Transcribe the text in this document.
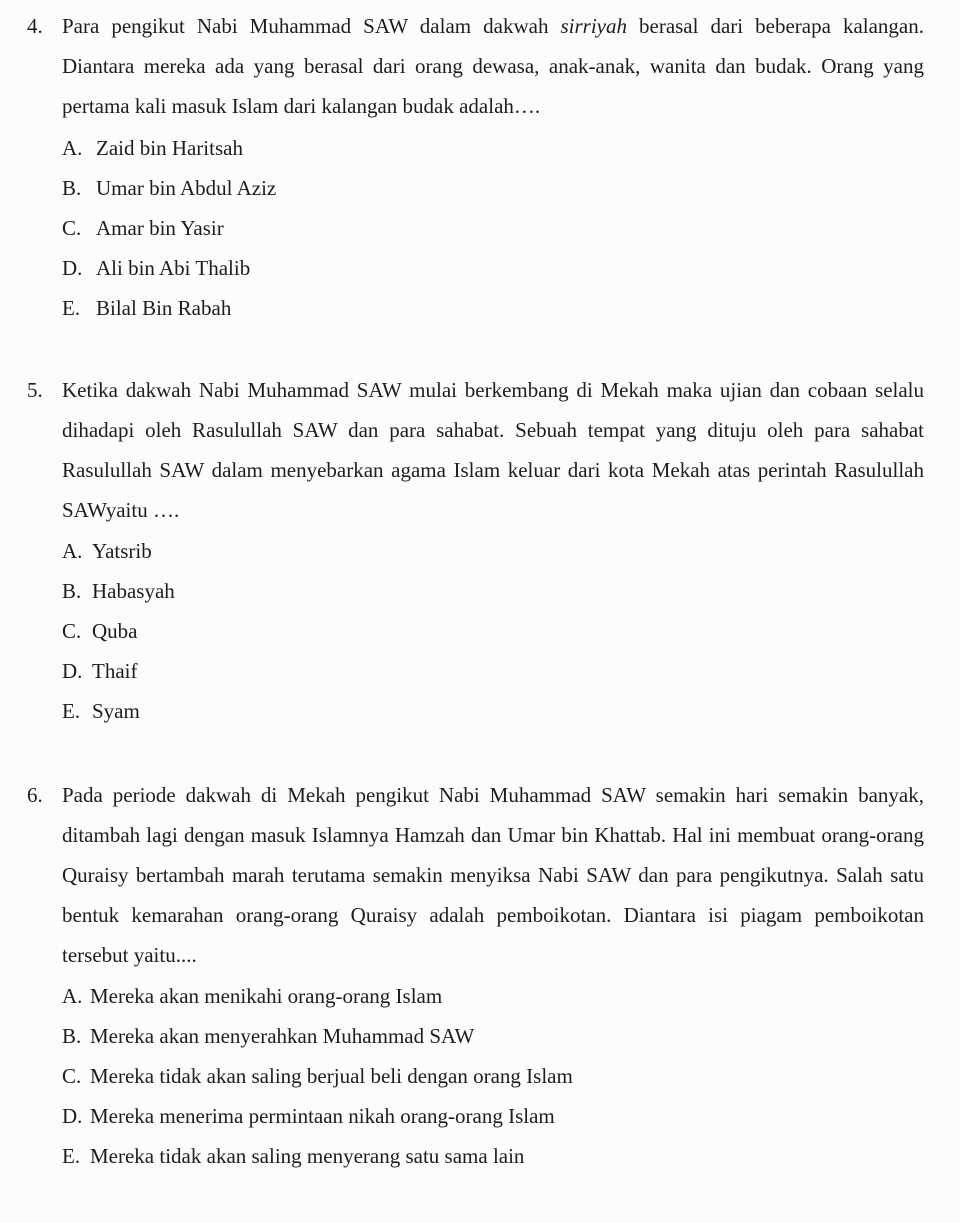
4. Para pengikut Nabi Muhammad SAW dalam dakwah sirriyah berasal dari beberapa kalangan. Diantara mereka ada yang berasal dari orang dewasa, anak-anak, wanita dan budak. Orang yang pertama kali masuk Islam dari kalangan budak adalah….

A. Zaid bin Haritsah
B. Umar bin Abdul Aziz
C. Amar bin Yasir
D. Ali bin Abi Thalib
E. Bilal Bin Rabah
5. Ketika dakwah Nabi Muhammad SAW mulai berkembang di Mekah maka ujian dan cobaan selalu dihadapi oleh Rasulullah SAW dan para sahabat. Sebuah tempat yang dituju oleh para sahabat Rasulullah SAW dalam menyebarkan agama Islam keluar dari kota Mekah atas perintah Rasulullah SAWyaitu ….

A. Yatsrib
B. Habasyah
C. Quba
D. Thaif
E. Syam
6. Pada periode dakwah di Mekah pengikut Nabi Muhammad SAW semakin hari semakin banyak, ditambah lagi dengan masuk Islamnya Hamzah dan Umar bin Khattab. Hal ini membuat orang-orang Quraisy bertambah marah terutama semakin menyiksa Nabi SAW dan para pengikutnya. Salah satu bentuk kemarahan orang-orang Quraisy adalah pemboikotan. Diantara isi piagam pemboikotan tersebut yaitu....

A. Mereka akan menikahi orang-orang Islam
B. Mereka akan menyerahkan Muhammad SAW
C. Mereka tidak akan saling berjual beli dengan orang Islam
D. Mereka menerima permintaan nikah orang-orang Islam
E. Mereka tidak akan saling menyerang satu sama lain
